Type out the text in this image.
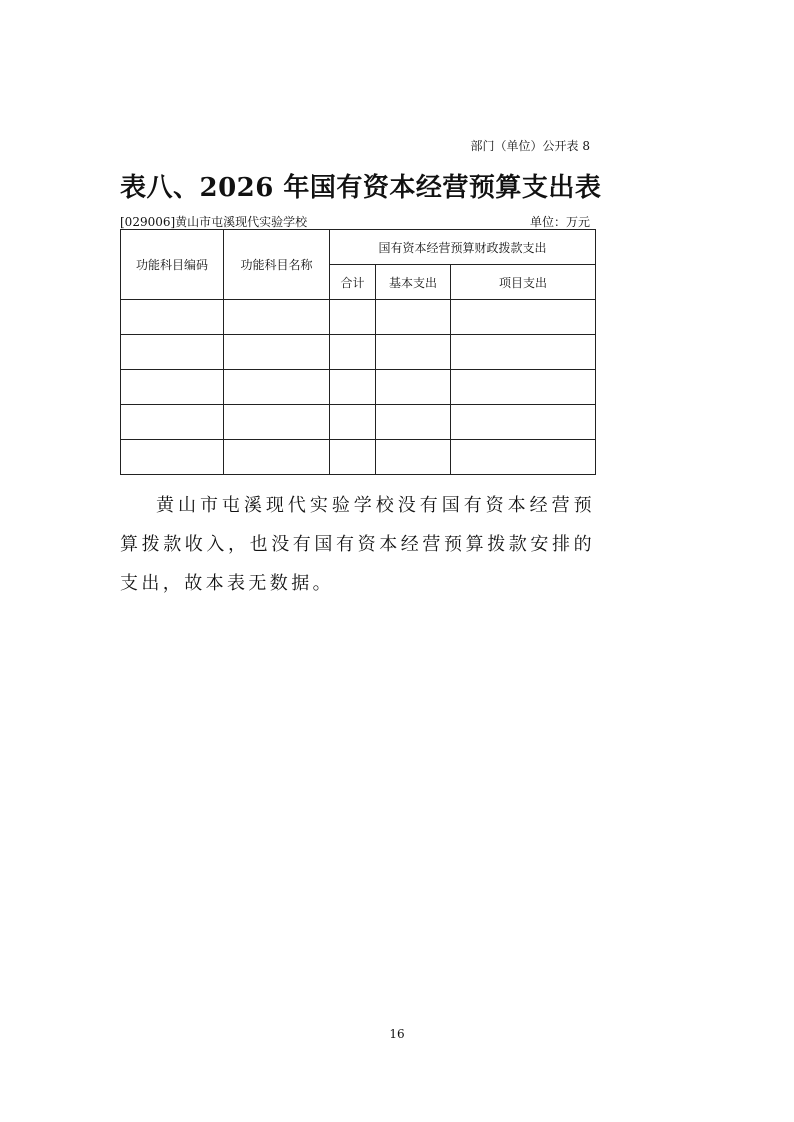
部门（单位）公开表 8
表八、2026 年国有资本经营预算支出表
[029006]黄山市屯溪现代实验学校	单位：万元
功能科目编码	功能科目名称	国有资本经营预算财政拨款支出		
		合计	基本支出	项目支出

黄山市屯溪现代实验学校没有国有资本经营预算拨款收入，也没有国有资本经营预算拨款安排的支出，故本表无数据。
16
